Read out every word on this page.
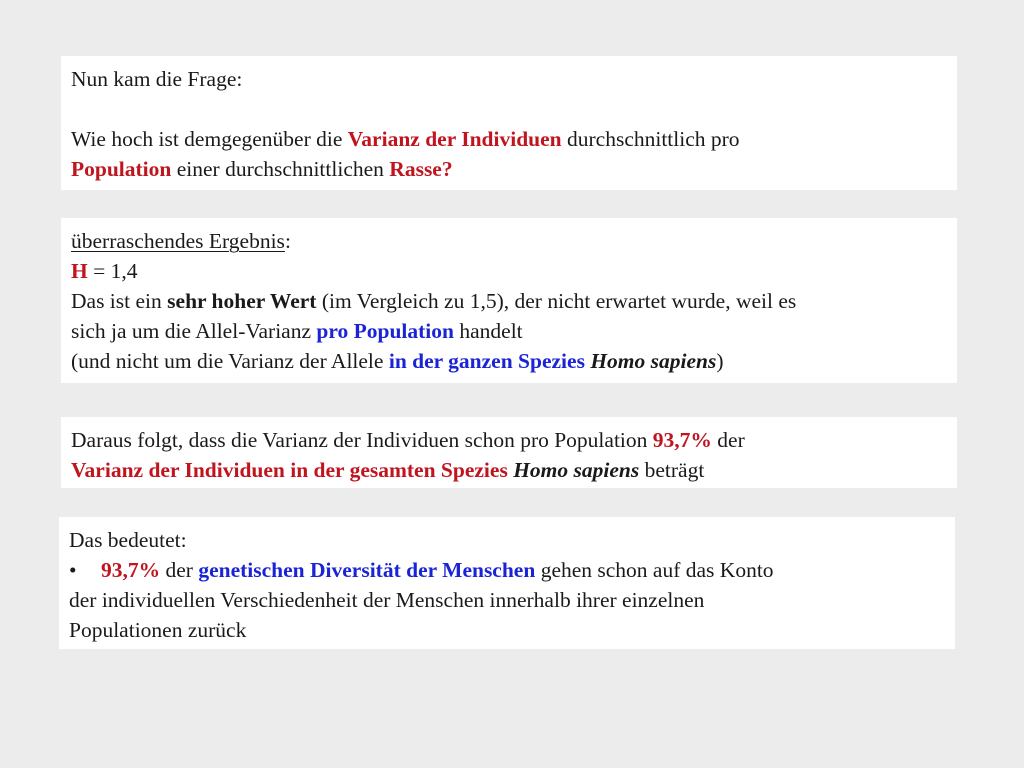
Nun kam die Frage:
Wie hoch ist demgegenüber die Varianz der Individuen durchschnittlich pro
Population einer durchschnittlichen Rasse?
überraschendes Ergebnis:
H = 1,4
Das ist ein sehr hoher Wert (im Vergleich zu 1,5), der nicht erwartet wurde, weil es
sich ja um die Allel-Varianz pro Population handelt
(und nicht um die Varianz der Allele in der ganzen Spezies Homo sapiens)
Daraus folgt, dass die Varianz der Individuen schon pro Population 93,7% der
Varianz der Individuen in der gesamten Spezies Homo sapiens beträgt
Das bedeutet:
• 93,7% der genetischen Diversität der Menschen gehen schon auf das Konto
der individuellen Verschiedenheit der Menschen innerhalb ihrer einzelnen
Populationen zurück
